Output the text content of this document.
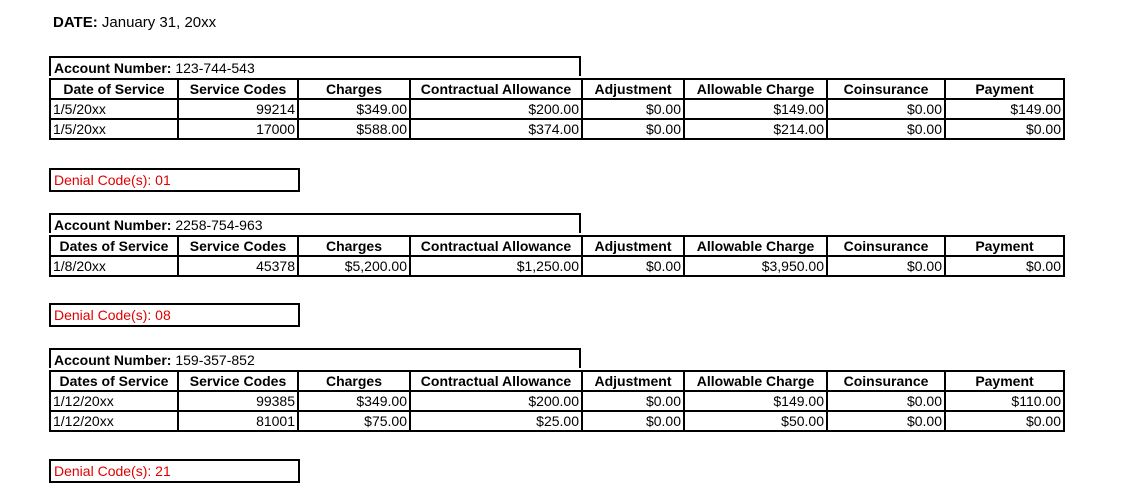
DATE: January 31, 20xx
Account Number: 123-744-543
Date of Service	Service Codes	Charges	Contractual Allowance	Adjustment	Allowable Charge	Coinsurance	Payment
1/5/20xx	99214	$349.00	$200.00	$0.00	$149.00	$0.00	$149.00
1/5/20xx	17000	$588.00	$374.00	$0.00	$214.00	$0.00	$0.00
Denial Code(s): 01
Account Number: 2258-754-963
Dates of Service	Service Codes	Charges	Contractual Allowance	Adjustment	Allowable Charge	Coinsurance	Payment
1/8/20xx	45378	$5,200.00	$1,250.00	$0.00	$3,950.00	$0.00	$0.00
Denial Code(s): 08
Account Number: 159-357-852
Dates of Service	Service Codes	Charges	Contractual Allowance	Adjustment	Allowable Charge	Coinsurance	Payment
1/12/20xx	99385	$349.00	$200.00	$0.00	$149.00	$0.00	$110.00
1/12/20xx	81001	$75.00	$25.00	$0.00	$50.00	$0.00	$0.00
Denial Code(s): 21
